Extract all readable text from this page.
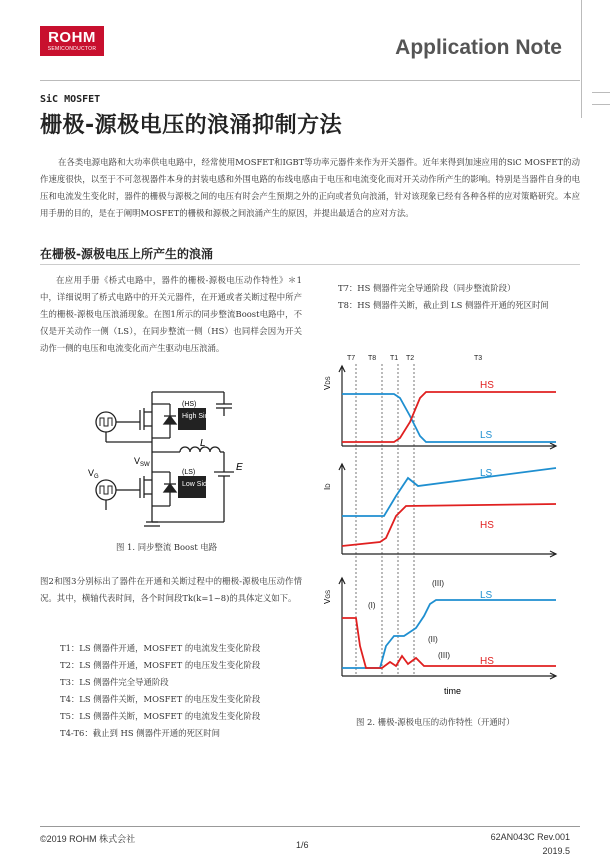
ROHM
SEMICONDUCTOR	Application Note
SiC MOSFET
栅极-源极电压的浪涌抑制方法
在各类电源电路和大功率供电电路中，经常使用MOSFET和IGBT等功率元器件来作为开关器件。近年来得到加速应用的SiC MOSFET的动作速度很快，以至于不可忽视器件本身的封装电感和外围电路的布线电感由于电压和电流变化而对开关动作所产生的影响。特别是当器件自身的电压和电流发生变化时，器件的栅极与源极之间的电压有时会产生预期之外的正向或者负向浪涌，针对该现象已经有各种各样的应对策略研究。本应用手册的目的，是在于阐明MOSFET的栅极和源极之间浪涌产生的原因，并提出最适合的应对方法。
在栅极-源极电压上所产生的浪涌
在应用手册《桥式电路中，器件的栅极-源极电压动作特性》＊1中，详细说明了桥式电路中的开关元器件，在开通或者关断过程中所产生的栅极-源极电压浪涌现象。在图1所示的同步整流Boost电路中，不仅是开关动作一侧（LS），在同步整流一侧（HS）也同样会因为开关动作一侧的电压和电流变化而产生驱动电压浪涌。
(HS)
High Side
(LS)
Low Side
$V_{SW}$
$V_G$
L
E
图 1. 同步整流 Boost 电路
图2和图3分别标出了器件在开通和关断过程中的栅极-源极电压动作情况。其中，横轴代表时间，各个时间段Tk(k=1~8)的具体定义如下。
T1：LS 侧器件开通，MOSFET 的电流发生变化阶段
T2：LS 侧器件开通，MOSFET 的电压发生变化阶段
T3：LS 侧器件完全导通阶段
T4：LS 侧器件关断，MOSFET 的电压发生变化阶段
T5：LS 侧器件关断，MOSFET 的电流发生变化阶段
T4-T6：截止到 HS 侧器件开通的死区时间
T7：HS 侧器件完全导通阶段（同步整流阶段）
T8：HS 侧器件关断，截止到 LS 侧器件开通的死区时间
T7 T8 T1 T2	T3
VDS	HS
LS
ID
LS
HS
VGS	LS
HS
(I)
(III)
(II)
(III)
time
图 2. 栅极-源极电压的动作特性（开通时）
©2019 ROHM 株式会社
1/6
62AN043C Rev.001
2019.5
